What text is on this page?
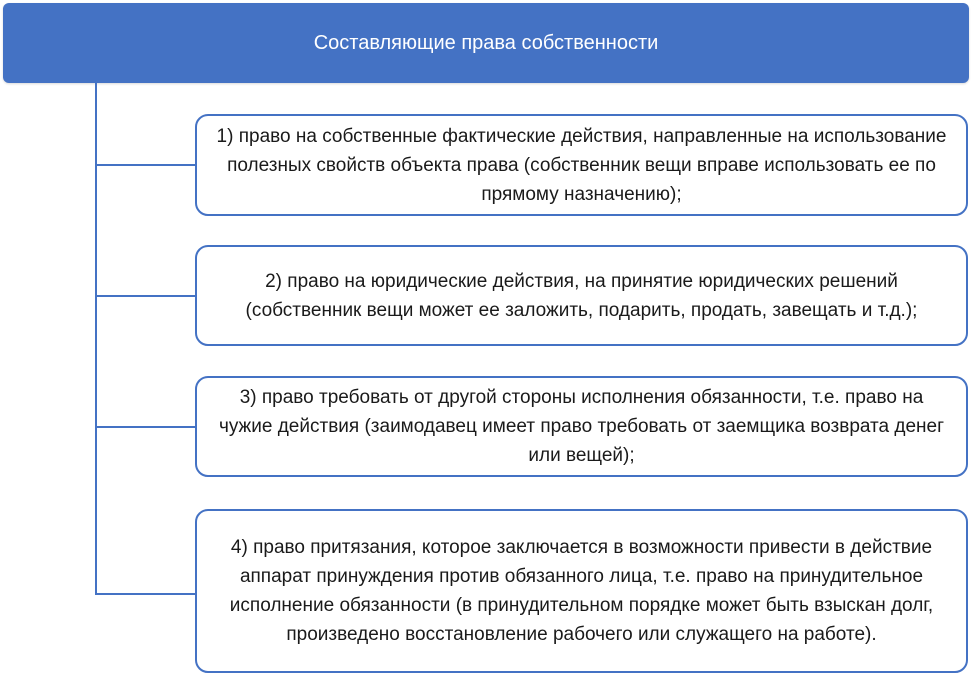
Составляющие права собственности
1) право на собственные фактические действия, направленные на использование полезных свойств объекта права (собственник вещи вправе использовать ее по прямому назначению);
2) право на юридические действия, на принятие юридических решений (собственник вещи может ее заложить, подарить, продать, завещать и т.д.);
3) право требовать от другой стороны исполнения обязанности, т.е. право на чужие действия (заимодавец имеет право требовать от заемщика возврата денег или вещей);
4) право притязания, которое заключается в возможности привести в действие аппарат принуждения против обязанного лица, т.е. право на принудительное исполнение обязанности (в принудительном порядке может быть взыскан долг, произведено восстановление рабочего или служащего на работе).
